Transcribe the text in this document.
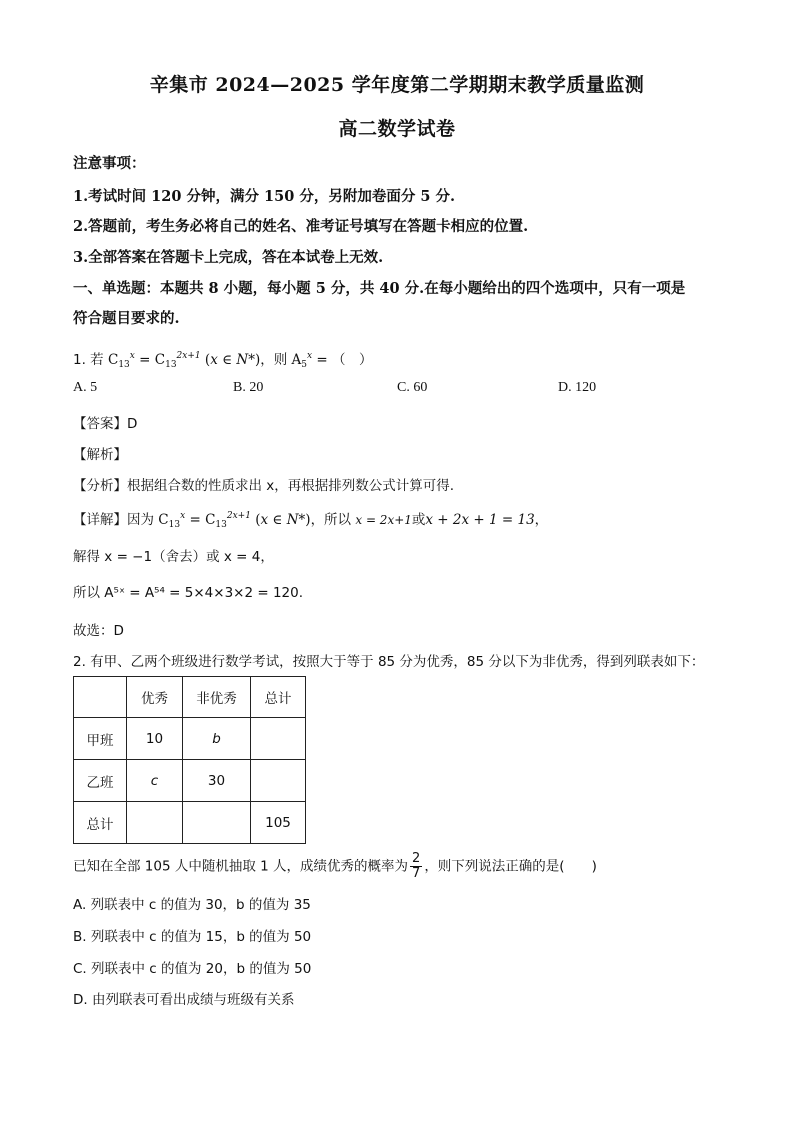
辛集市 2024—2025 学年度第二学期期末教学质量监测
高二数学试卷
注意事项：
1.考试时间 120 分钟，满分 150 分，另附加卷面分 5 分.
2.答题前，考生务必将自己的姓名、准考证号填写在答题卡相应的位置.
3.全部答案在答题卡上完成，答在本试卷上无效.
一、单选题：本题共 8 小题，每小题 5 分，共 40 分.在每小题给出的四个选项中，只有一项是
符合题目要求的.
1. 若 $C_{13}^x = C_{13}^{2x+1}$ (x ∈ N*)，则 $A_5^x$ = （　）
A. 5	B. 20	C. 60	D. 120
【答案】D
【解析】
【分析】根据组合数的性质求出 x，再根据排列数公式计算可得.
【详解】因为 $C_{13}^x = C_{13}^{2x+1}$ (x ∈ N*)，所以 x = 2x+1或x + 2x + 1 = 13，
解得 x = −1（舍去）或 x = 4，
所以 A⁵ˣ = A⁵⁴ = 5×4×3×2 = 120.
故选：D
2. 有甲、乙两个班级进行数学考试，按照大于等于 85 分为优秀，85 分以下为非优秀，得到列联表如下：
	优秀	非优秀	总计
甲班	10	b	
乙班	c	30	
总计			105
已知在全部 105 人中随机抽取 1 人，成绩优秀的概率为 $\frac{2}{7}$ ，则下列说法正确的是(　　)
A. 列联表中 c 的值为 30，b 的值为 35
B. 列联表中 c 的值为 15，b 的值为 50
C. 列联表中 c 的值为 20，b 的值为 50
D. 由列联表可看出成绩与班级有关系
